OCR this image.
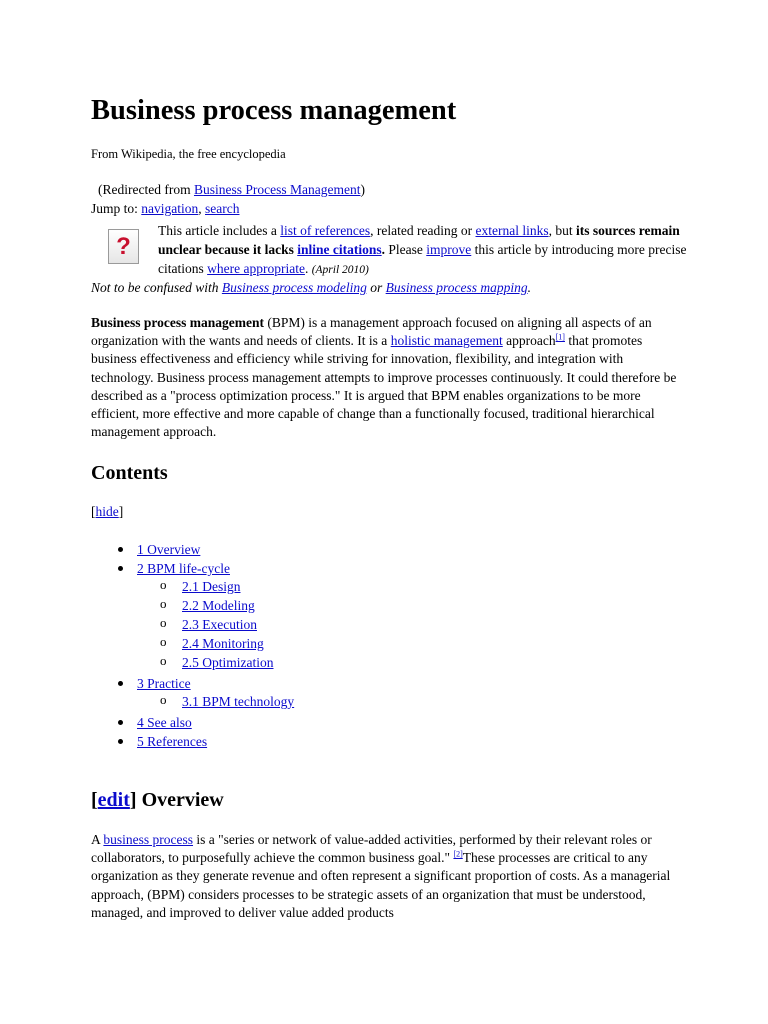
Business process management
From Wikipedia, the free encyclopedia
(Redirected from Business Process Management)
Jump to: navigation, search
?
This article includes a list of references, related reading or external links, but its sources remain unclear because it lacks inline citations. Please improve this article by introducing more precise citations where appropriate. (April 2010)
Not to be confused with Business process modeling or Business process mapping.

Business process management (BPM) is a management approach focused on aligning all aspects of an organization with the wants and needs of clients. It is a holistic management approach[1] that promotes business effectiveness and efficiency while striving for innovation, flexibility, and integration with technology. Business process management attempts to improve processes continuously. It could therefore be described as a "process optimization process." It is argued that BPM enables organizations to be more efficient, more effective and more capable of change than a functionally focused, traditional hierarchical management approach.

Contents
[hide]
1 Overview
2 BPM life-cycle
o 2.1 Design
o 2.2 Modeling
o 2.3 Execution
o 2.4 Monitoring
o 2.5 Optimization
3 Practice
o 3.1 BPM technology
4 See also
5 References
[edit] Overview

A business process is a "series or network of value-added activities, performed by their relevant roles or collaborators, to purposefully achieve the common business goal." [2]These processes are critical to any organization as they generate revenue and often represent a significant proportion of costs. As a managerial approach, (BPM) considers processes to be strategic assets of an organization that must be understood, managed, and improved to deliver value added products
